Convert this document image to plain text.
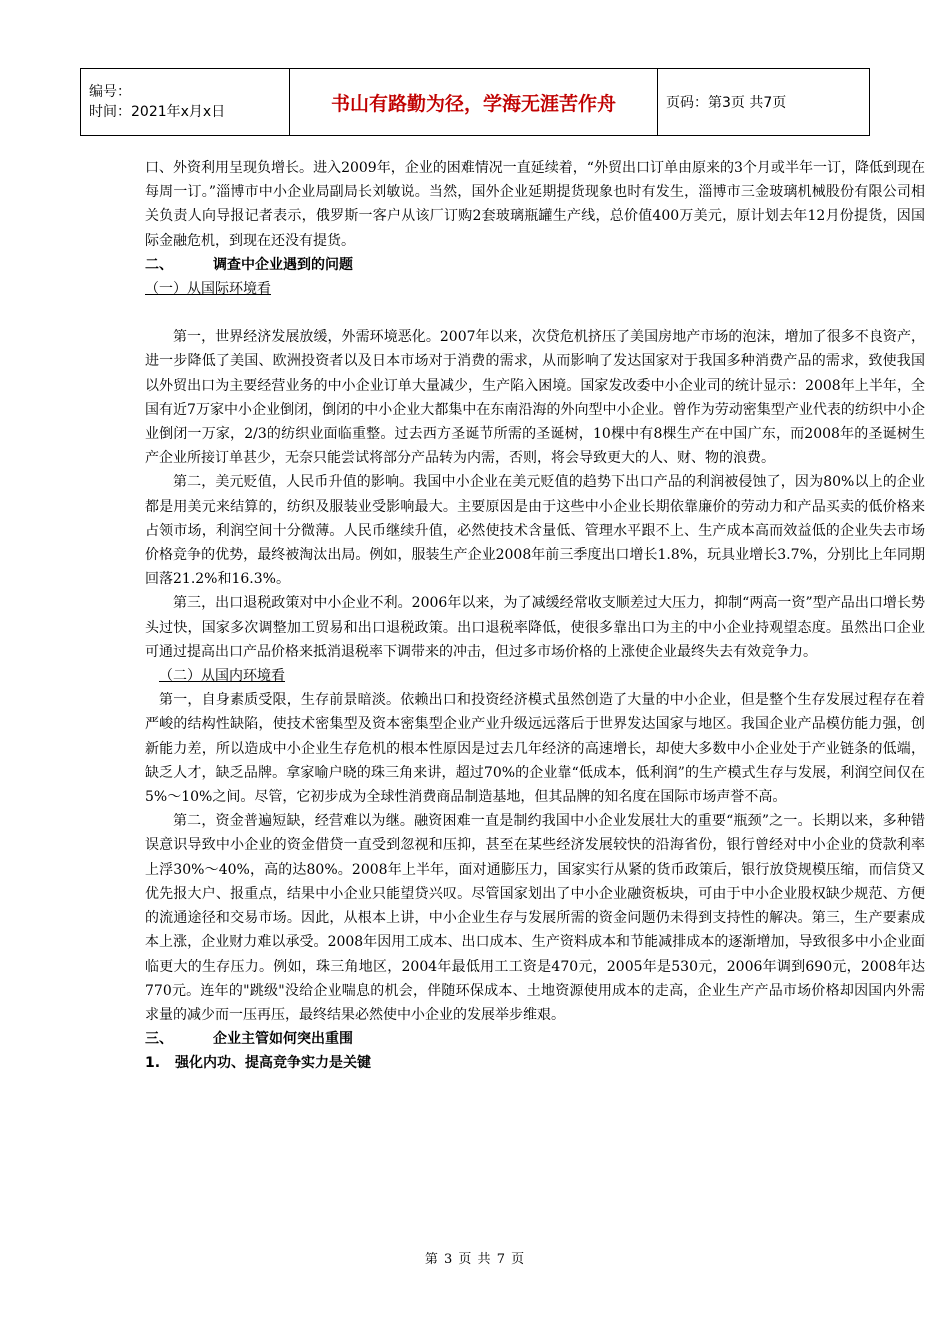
编号：
时间：2021年x月x日	书山有路勤为径，学海无涯苦作舟	页码：第3页 共7页

口、外资利用呈现负增长。进入2009年，企业的困难情况一直延续着，“外贸出口订单由原来的3个月或半年一订，降低到现在每周一订。”淄博市中小企业局副局长刘敏说。当然，国外企业延期提货现象也时有发生，淄博市三金玻璃机械股份有限公司相关负责人向导报记者表示，俄罗斯一客户从该厂订购2套玻璃瓶罐生产线，总价值400万美元，原计划去年12月份提货，因国际金融危机，到现在还没有提货。

二、	调查中企业遇到的问题

（一）从国际环境看

第一，世界经济发展放缓，外需环境恶化。2007年以来，次贷危机挤压了美国房地产市场的泡沫，增加了很多不良资产，进一步降低了美国、欧洲投资者以及日本市场对于消费的需求，从而影响了发达国家对于我国多种消费产品的需求，致使我国以外贸出口为主要经营业务的中小企业订单大量减少，生产陷入困境。国家发改委中小企业司的统计显示：2008年上半年，全国有近7万家中小企业倒闭，倒闭的中小企业大都集中在东南沿海的外向型中小企业。曾作为劳动密集型产业代表的纺织中小企业倒闭一万家，2/3的纺织业面临重整。过去西方圣诞节所需的圣诞树，10棵中有8棵生产在中国广东，而2008年的圣诞树生产企业所接订单甚少，无奈只能尝试将部分产品转为内需，否则，将会导致更大的人、财、物的浪费。

第二，美元贬值，人民币升值的影响。我国中小企业在美元贬值的趋势下出口产品的利润被侵蚀了，因为80%以上的企业都是用美元来结算的，纺织及服装业受影响最大。主要原因是由于这些中小企业长期依靠廉价的劳动力和产品买卖的低价格来占领市场，利润空间十分微薄。人民币继续升值，必然使技术含量低、管理水平跟不上、生产成本高而效益低的企业失去市场价格竞争的优势，最终被淘汰出局。例如，服装生产企业2008年前三季度出口增长1.8%，玩具业增长3.7%，分别比上年同期回落21.2%和16.3%。

第三，出口退税政策对中小企业不利。2006年以来，为了减缓经常收支顺差过大压力，抑制“两高一资”型产品出口增长势头过快，国家多次调整加工贸易和出口退税政策。出口退税率降低，使很多靠出口为主的中小企业持观望态度。虽然出口企业可通过提高出口产品价格来抵消退税率下调带来的冲击，但过多市场价格的上涨使企业最终失去有效竞争力。

（二）从国内环境看

第一，自身素质受限，生存前景暗淡。依赖出口和投资经济模式虽然创造了大量的中小企业，但是整个生存发展过程存在着严峻的结构性缺陷，使技术密集型及资本密集型企业产业升级远远落后于世界发达国家与地区。我国企业产品模仿能力强，创新能力差，所以造成中小企业生存危机的根本性原因是过去几年经济的高速增长，却使大多数中小企业处于产业链条的低端，缺乏人才，缺乏品牌。拿家喻户晓的珠三角来讲，超过70%的企业靠“低成本，低利润”的生产模式生存与发展，利润空间仅在5%～10%之间。尽管，它初步成为全球性消费商品制造基地，但其品牌的知名度在国际市场声誉不高。

第二，资金普遍短缺，经营难以为继。融资困难一直是制约我国中小企业发展壮大的重要“瓶颈”之一。长期以来，多种错误意识导致中小企业的资金借贷一直受到忽视和压抑，甚至在某些经济发展较快的沿海省份，银行曾经对中小企业的贷款利率上浮30%～40%，高的达80%。2008年上半年，面对通膨压力，国家实行从紧的货币政策后，银行放贷规模压缩，而信贷又优先报大户、报重点，结果中小企业只能望贷兴叹。尽管国家划出了中小企业融资板块，可由于中小企业股权缺少规范、方便的流通途径和交易市场。因此，从根本上讲，中小企业生存与发展所需的资金问题仍未得到支持性的解决。第三，生产要素成本上涨，企业财力难以承受。2008年因用工成本、出口成本、生产资料成本和节能减排成本的逐渐增加，导致很多中小企业面临更大的生存压力。例如，珠三角地区，2004年最低用工工资是470元，2005年是530元，2006年调到690元，2008年达770元。连年的"跳级"没给企业喘息的机会，伴随环保成本、土地资源使用成本的走高，企业生产产品市场价格却因国内外需求量的减少而一压再压，最终结果必然使中小企业的发展举步维艰。

三、	企业主管如何突出重围

1. 强化内功、提高竞争实力是关键

第 3 页 共 7 页
